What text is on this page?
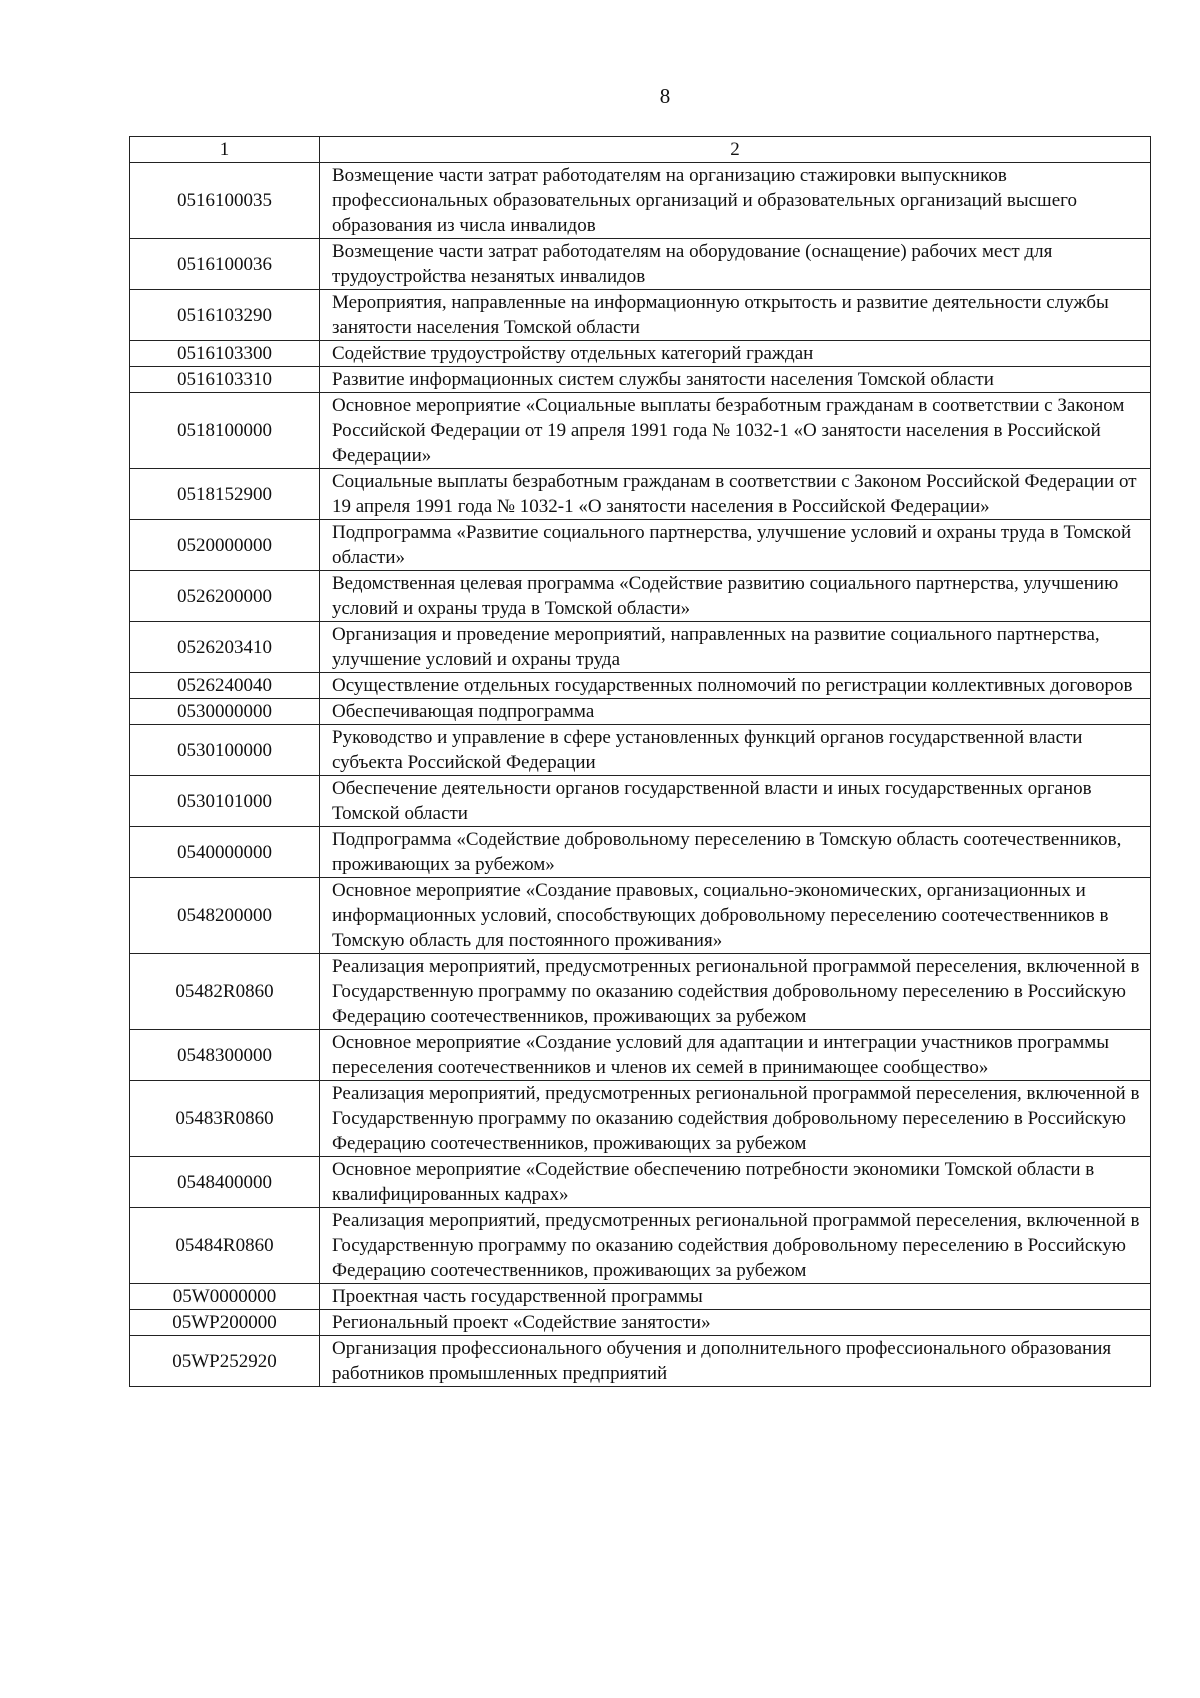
8
1	2
0516100035	Возмещение части затрат работодателям на организацию стажировки выпускников профессиональных образовательных организаций и образовательных организаций высшего образования из числа инвалидов
0516100036	Возмещение части затрат работодателям на оборудование (оснащение) рабочих мест для трудоустройства незанятых инвалидов
0516103290	Мероприятия, направленные на информационную открытость и развитие деятельности службы занятости населения Томской области
0516103300	Содействие трудоустройству отдельных категорий граждан
0516103310	Развитие информационных систем службы занятости населения Томской области
0518100000	Основное мероприятие «Социальные выплаты безработным гражданам в соответствии с Законом Российской Федерации от 19 апреля 1991 года № 1032-1 «О занятости населения в Российской Федерации»
0518152900	Социальные выплаты безработным гражданам в соответствии с Законом Российской Федерации от 19 апреля 1991 года № 1032-1 «О занятости населения в Российской Федерации»
0520000000	Подпрограмма «Развитие социального партнерства, улучшение условий и охраны труда в Томской области»
0526200000	Ведомственная целевая программа «Содействие развитию социального партнерства, улучшению условий и охраны труда в Томской области»
0526203410	Организация и проведение мероприятий, направленных на развитие социального партнерства, улучшение условий и охраны труда
0526240040	Осуществление отдельных государственных полномочий по регистрации коллективных договоров
0530000000	Обеспечивающая подпрограмма
0530100000	Руководство и управление в сфере установленных функций органов государственной власти субъекта Российской Федерации
0530101000	Обеспечение деятельности органов государственной власти и иных государственных органов Томской области
0540000000	Подпрограмма «Содействие добровольному переселению в Томскую область соотечественников, проживающих за рубежом»
0548200000	Основное мероприятие «Создание правовых, социально-экономических, организационных и информационных условий, способствующих добровольному переселению соотечественников в Томскую область для постоянного проживания»
05482R0860	Реализация мероприятий, предусмотренных региональной программой переселения, включенной в Государственную программу по оказанию содействия добровольному переселению в Российскую Федерацию соотечественников, проживающих за рубежом
0548300000	Основное мероприятие «Создание условий для адаптации и интеграции участников программы переселения соотечественников и членов их семей в принимающее сообщество»
05483R0860	Реализация мероприятий, предусмотренных региональной программой переселения, включенной в Государственную программу по оказанию содействия добровольному переселению в Российскую Федерацию соотечественников, проживающих за рубежом
0548400000	Основное мероприятие «Содействие обеспечению потребности экономики Томской области в квалифицированных кадрах»
05484R0860	Реализация мероприятий, предусмотренных региональной программой переселения, включенной в Государственную программу по оказанию содействия добровольному переселению в Российскую Федерацию соотечественников, проживающих за рубежом
05W0000000	Проектная часть государственной программы
05WP200000	Региональный проект «Содействие занятости»
05WP252920	Организация профессионального обучения и дополнительного профессионального образования работников промышленных предприятий
